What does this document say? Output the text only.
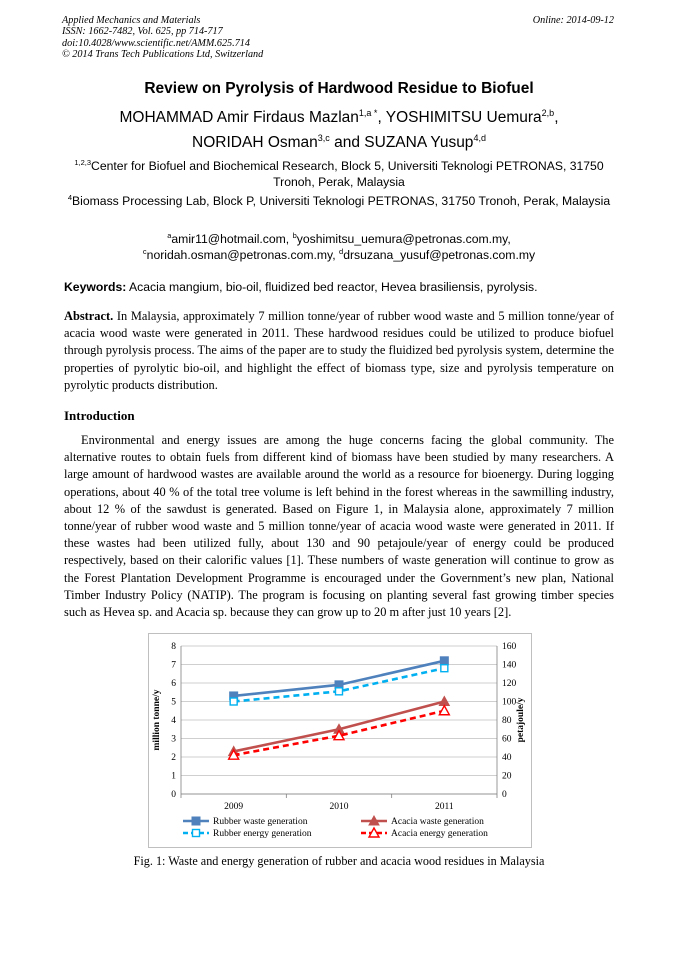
Applied Mechanics and Materials
ISSN: 1662-7482, Vol. 625, pp 714-717
doi:10.4028/www.scientific.net/AMM.625.714
© 2014 Trans Tech Publications Ltd, Switzerland
Online: 2014-09-12
Review on Pyrolysis of Hardwood Residue to Biofuel
MOHAMMAD Amir Firdaus Mazlan$^{1,a *}$, YOSHIMITSU Uemura$^{2,b}$,
NORIDAH Osman$^{3,c}$ and SUZANA Yusup$^{4,d}$
$^{1,2,3}$Center for Biofuel and Biochemical Research, Block 5, Universiti Teknologi PETRONAS, 31750 Tronoh, Perak, Malaysia
$^4$Biomass Processing Lab, Block P, Universiti Teknologi PETRONAS, 31750 Tronoh, Perak, Malaysia
$^a$amir11@hotmail.com, $^b$yoshimitsu_uemura@petronas.com.my,
$^c$noridah.osman@petronas.com.my, $^d$drsuzana_yusuf@petronas.com.my
Keywords: Acacia mangium, bio-oil, fluidized bed reactor, Hevea brasiliensis, pyrolysis.
Abstract. In Malaysia, approximately 7 million tonne/year of rubber wood waste and 5 million tonne/year of acacia wood waste were generated in 2011. These hardwood residues could be utilized to produce biofuel through pyrolysis process. The aims of the paper are to study the fluidized bed pyrolysis system, determine the properties of pyrolytic bio-oil, and highlight the effect of biomass type, size and pyrolysis temperature on pyrolytic products distribution.
Introduction
Environmental and energy issues are among the huge concerns facing the global community. The alternative routes to obtain fuels from different kind of biomass have been studied by many researchers. A large amount of hardwood wastes are available around the world as a resource for bioenergy. During logging operations, about 40 % of the total tree volume is left behind in the forest whereas in the sawmilling industry, about 12 % of the sawdust is generated. Based on Figure 1, in Malaysia alone, approximately 7 million tonne/year of rubber wood waste and 5 million tonne/year of acacia wood waste were generated in 2011. If these wastes had been utilized fully, about 130 and 90 petajoule/year of energy could be produced respectively, based on their calorific values [1]. These numbers of waste generation will continue to grow as the Forest Plantation Development Programme is encouraged under the Government’s new plan, National Timber Industry Policy (NATIP). The program is focusing on planting several fast growing timber species such as Hevea sp. and Acacia sp. because they can grow up to 20 m after just 10 years [2].
0
1
2
3
4
5
6
7
8
0
20
40
60
80
100
120
140
160
2009	2010	2011
million tonne/y	petajoule/y
Rubber waste generation	Acacia waste generation
Rubber energy generation	Acacia energy generation
Fig. 1: Waste and energy generation of rubber and acacia wood residues in Malaysia
